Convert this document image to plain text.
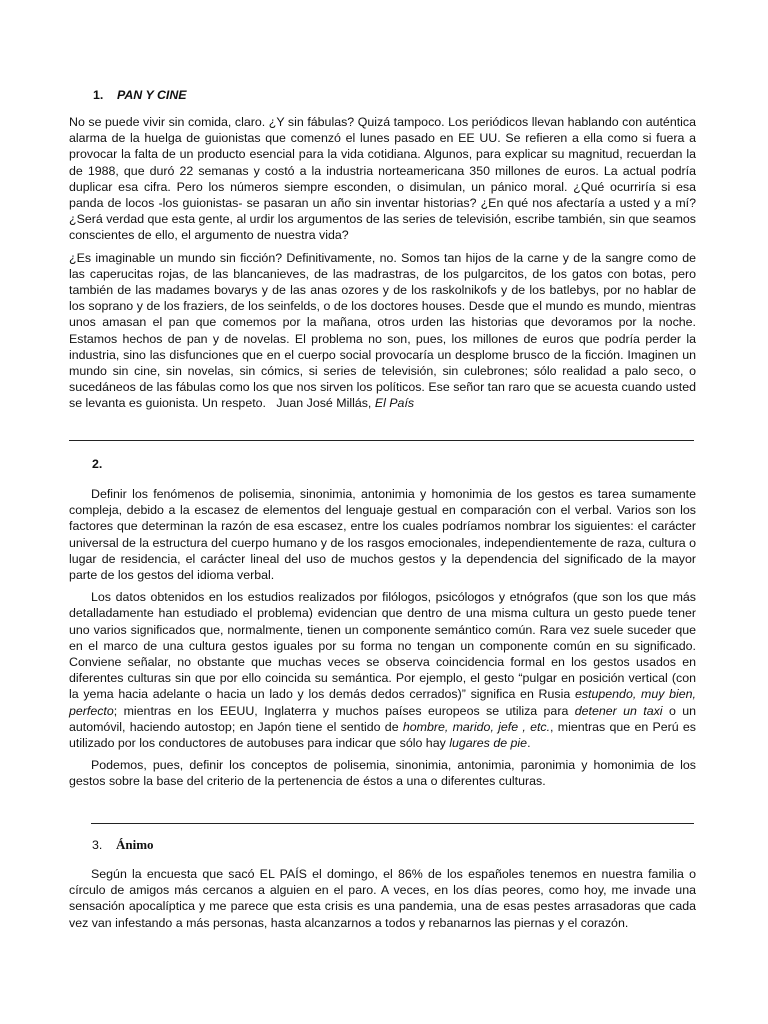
1. PAN Y CINE

No se puede vivir sin comida, claro. ¿Y sin fábulas? Quizá tampoco. Los periódicos llevan hablando con auténtica alarma de la huelga de guionistas que comenzó el lunes pasado en EE UU. Se refieren a ella como si fuera a provocar la falta de un producto esencial para la vida cotidiana. Algunos, para explicar su magnitud, recuerdan la de 1988, que duró 22 semanas y costó a la industria norteamericana 350 millones de euros. La actual podría duplicar esa cifra. Pero los números siempre esconden, o disimulan, un pánico moral. ¿Qué ocurriría si esa panda de locos -los guionistas- se pasaran un año sin inventar historias? ¿En qué nos afectaría a usted y a mí? ¿Será verdad que esta gente, al urdir los argumentos de las series de televisión, escribe también, sin que seamos conscientes de ello, el argumento de nuestra vida?

¿Es imaginable un mundo sin ficción? Definitivamente, no. Somos tan hijos de la carne y de la sangre como de las caperucitas rojas, de las blancanieves, de las madrastras, de los pulgarcitos, de los gatos con botas, pero también de las madames bovarys y de las anas ozores y de los raskolnikofs y de los batlebys, por no hablar de los soprano y de los fraziers, de los seinfelds, o de los doctores houses. Desde que el mundo es mundo, mientras unos amasan el pan que comemos por la mañana, otros urden las historias que devoramos por la noche. Estamos hechos de pan y de novelas. El problema no son, pues, los millones de euros que podría perder la industria, sino las disfunciones que en el cuerpo social provocaría un desplome brusco de la ficción. Imaginen un mundo sin cine, sin novelas, sin cómics, si series de televisión, sin culebrones; sólo realidad a palo seco, o sucedáneos de las fábulas como los que nos sirven los políticos. Ese señor tan raro que se acuesta cuando usted se levanta es guionista. Un respeto. Juan José Millás, El País

2.

Definir los fenómenos de polisemia, sinonimia, antonimia y homonimia de los gestos es tarea sumamente compleja, debido a la escasez de elementos del lenguaje gestual en comparación con el verbal. Varios son los factores que determinan la razón de esa escasez, entre los cuales podríamos nombrar los siguientes: el carácter universal de la estructura del cuerpo humano y de los rasgos emocionales, independientemente de raza, cultura o lugar de residencia, el carácter lineal del uso de muchos gestos y la dependencia del significado de la mayor parte de los gestos del idioma verbal.

Los datos obtenidos en los estudios realizados por filólogos, psicólogos y etnógrafos (que son los que más detalladamente han estudiado el problema) evidencian que dentro de una misma cultura un gesto puede tener uno varios significados que, normalmente, tienen un componente semántico común. Rara vez suele suceder que en el marco de una cultura gestos iguales por su forma no tengan un componente común en su significado. Conviene señalar, no obstante que muchas veces se observa coincidencia formal en los gestos usados en diferentes culturas sin que por ello coincida su semántica. Por ejemplo, el gesto “pulgar en posición vertical (con la yema hacia adelante o hacia un lado y los demás dedos cerrados)” significa en Rusia estupendo, muy bien, perfecto; mientras en los EEUU, Inglaterra y muchos países europeos se utiliza para detener un taxi o un automóvil, haciendo autostop; en Japón tiene el sentido de hombre, marido, jefe , etc., mientras que en Perú es utilizado por los conductores de autobuses para indicar que sólo hay lugares de pie.

Podemos, pues, definir los conceptos de polisemia, sinonimia, antonimia, paronimia y homonimia de los gestos sobre la base del criterio de la pertenencia de éstos a una o diferentes culturas.

3. Ánimo

Según la encuesta que sacó EL PAÍS el domingo, el 86% de los españoles tenemos en nuestra familia o círculo de amigos más cercanos a alguien en el paro. A veces, en los días peores, como hoy, me invade una sensación apocalíptica y me parece que esta crisis es una pandemia, una de esas pestes arrasadoras que cada vez van infestando a más personas, hasta alcanzarnos a todos y rebanarnos las piernas y el corazón.
